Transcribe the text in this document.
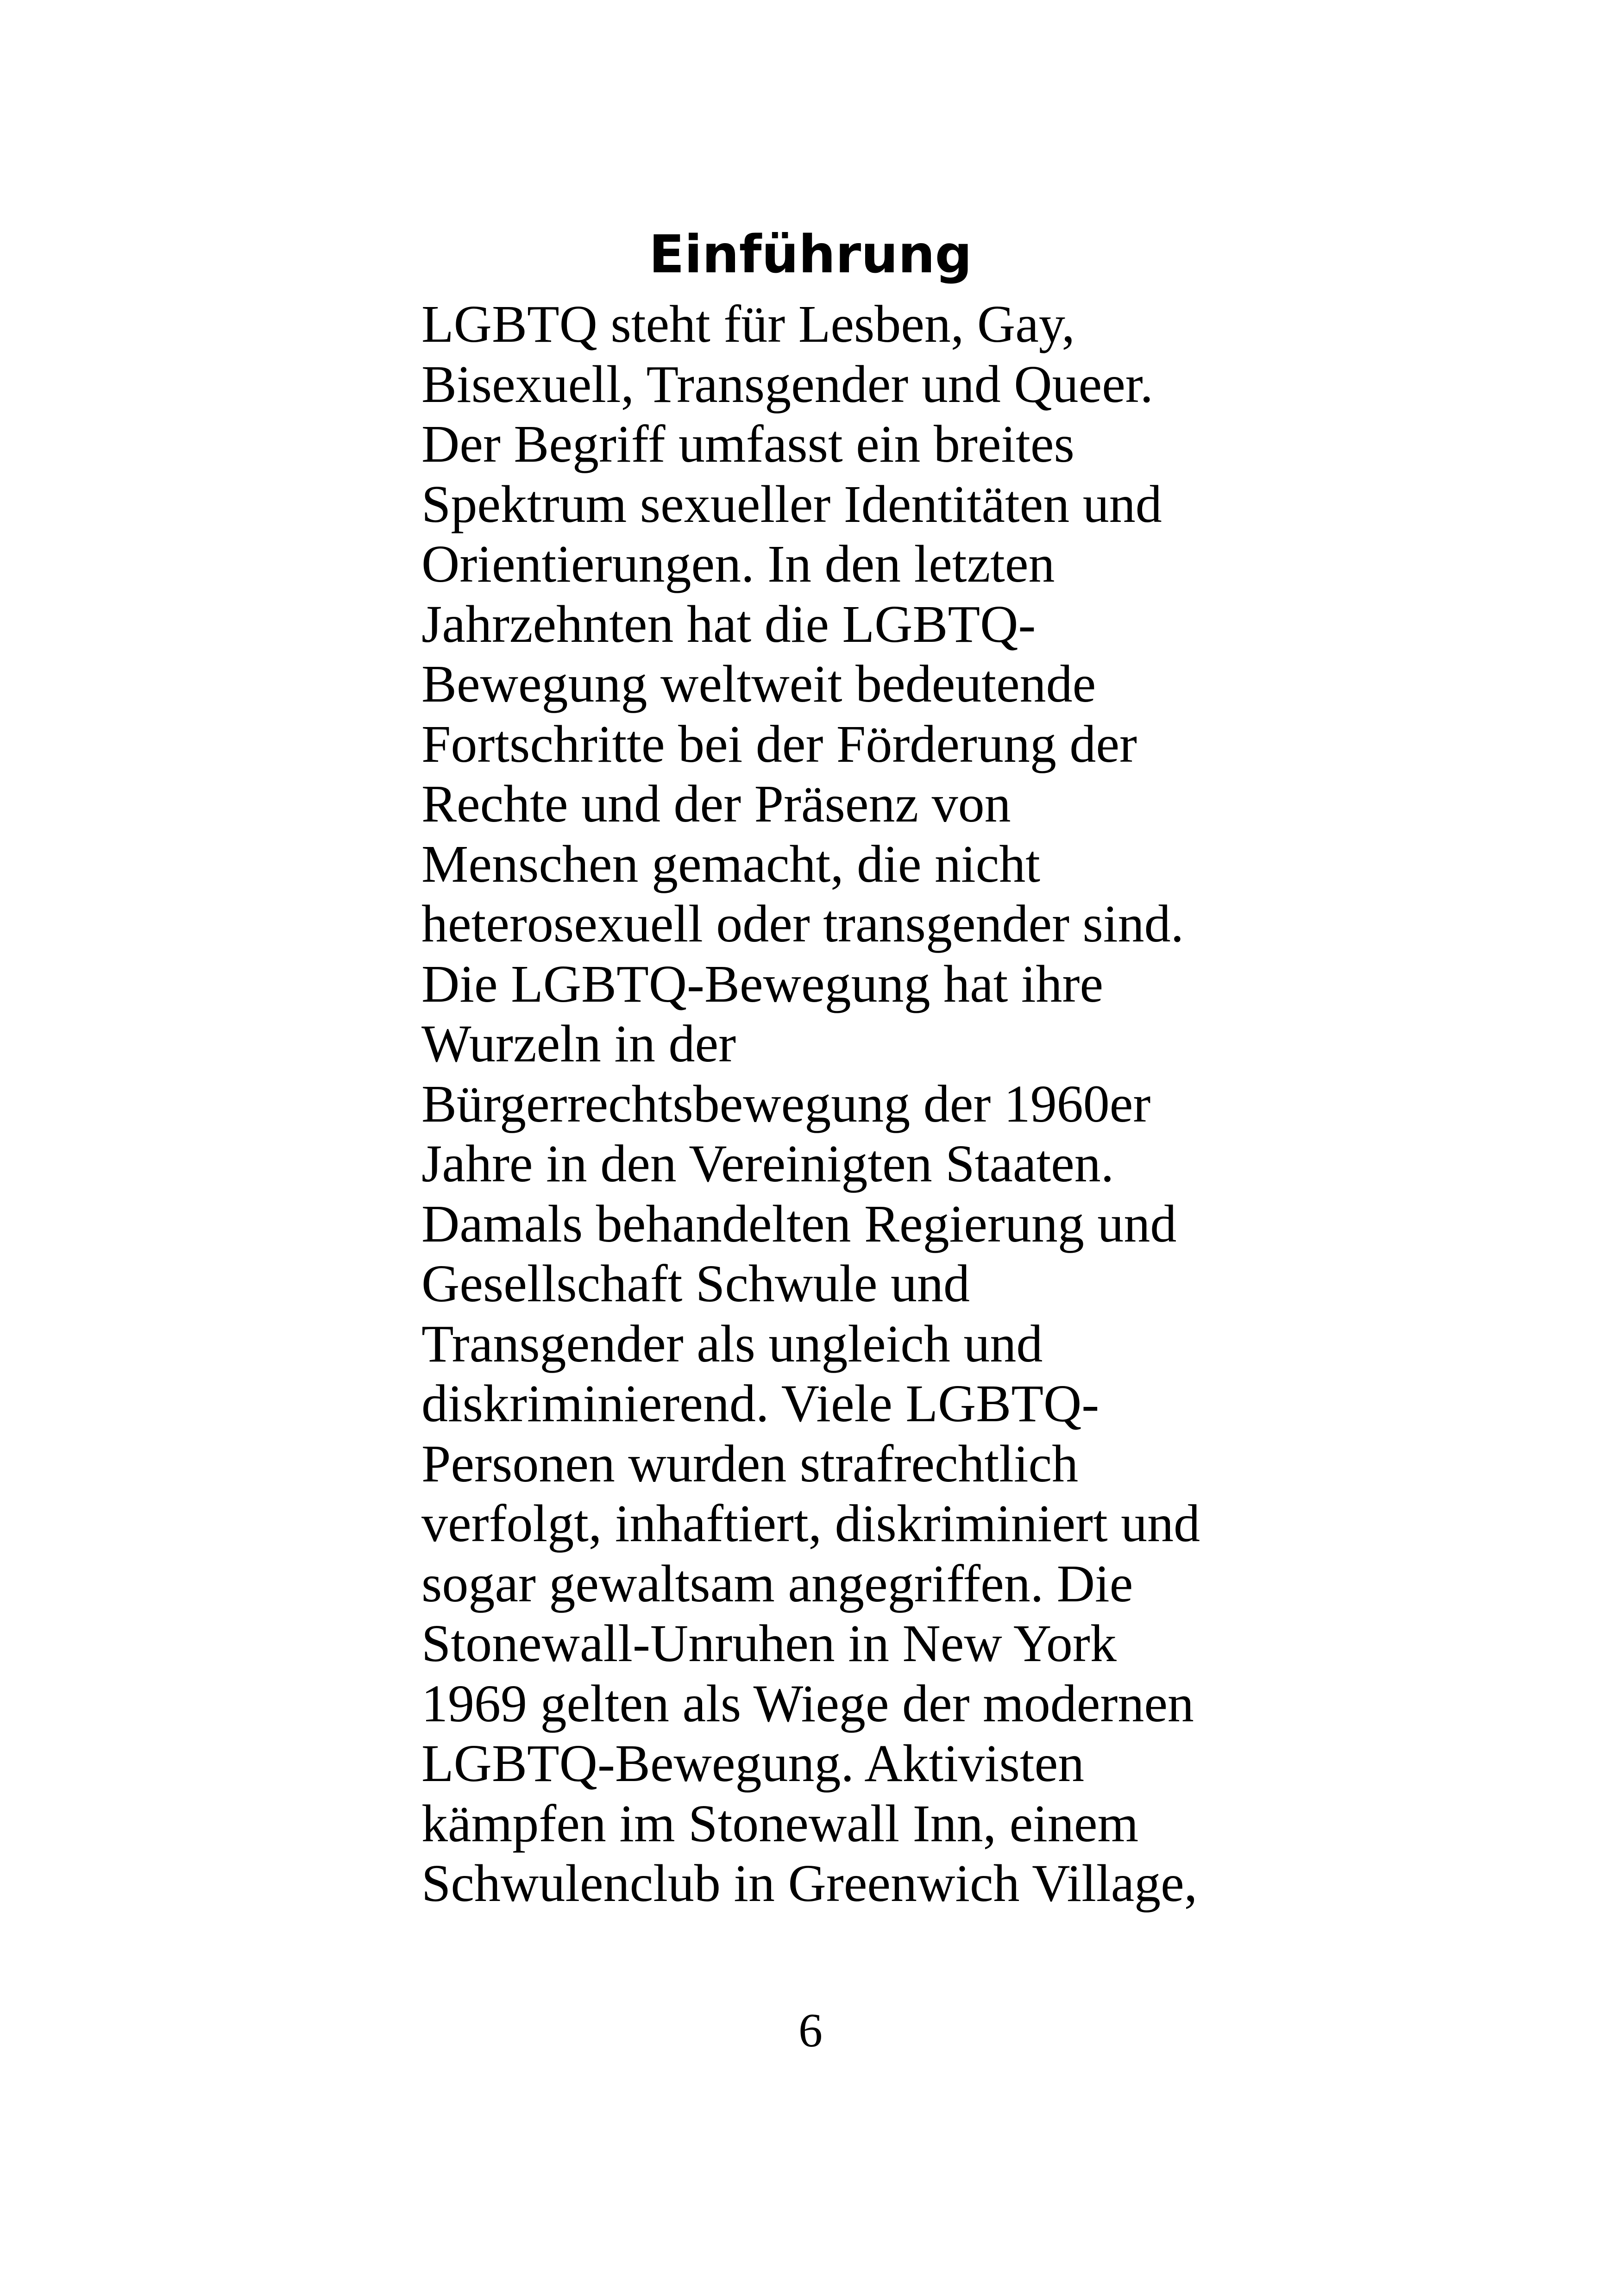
Einführung
LGBTQ steht für Lesben, Gay,
Bisexuell, Transgender und Queer.
Der Begriff umfasst ein breites
Spektrum sexueller Identitäten und
Orientierungen. In den letzten
Jahrzehnten hat die LGBTQ-
Bewegung weltweit bedeutende
Fortschritte bei der Förderung der
Rechte und der Präsenz von
Menschen gemacht, die nicht
heterosexuell oder transgender sind.
Die LGBTQ-Bewegung hat ihre
Wurzeln in der
Bürgerrechtsbewegung der 1960er
Jahre in den Vereinigten Staaten.
Damals behandelten Regierung und
Gesellschaft Schwule und
Transgender als ungleich und
diskriminierend. Viele LGBTQ-
Personen wurden strafrechtlich
verfolgt, inhaftiert, diskriminiert und
sogar gewaltsam angegriffen. Die
Stonewall-Unruhen in New York
1969 gelten als Wiege der modernen
LGBTQ-Bewegung. Aktivisten
kämpfen im Stonewall Inn, einem
Schwulenclub in Greenwich Village,
6
